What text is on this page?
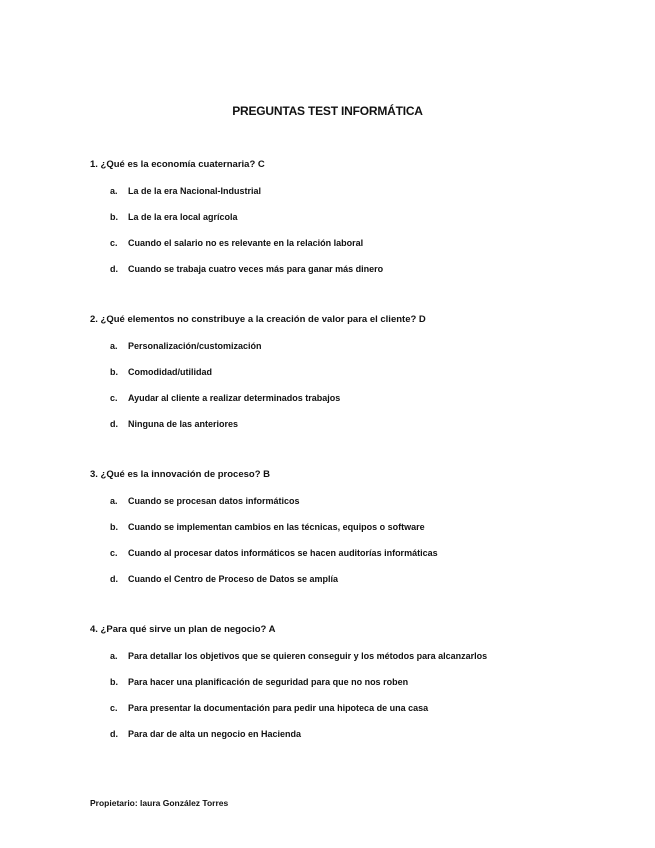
PREGUNTAS TEST INFORMÁTICA
1. ¿Qué es la economía cuaternaria? C
a. La de la era Nacional-Industrial
b. La de la era local agrícola
c. Cuando el salario no es relevante en la relación laboral
d. Cuando se trabaja cuatro veces más para ganar más dinero
2. ¿Qué elementos no constribuye a la creación de valor para el cliente? D
a. Personalización/customización
b. Comodidad/utilidad
c. Ayudar al cliente a realizar determinados trabajos
d. Ninguna de las anteriores
3. ¿Qué es la innovación de proceso? B
a. Cuando se procesan datos informáticos
b. Cuando se implementan cambios en las técnicas, equipos o software
c. Cuando al procesar datos informáticos se hacen auditorías informáticas
d. Cuando el Centro de Proceso de Datos se amplía
4. ¿Para qué sirve un plan de negocio? A
a. Para detallar los objetivos que se quieren conseguir y los métodos para alcanzarlos
b. Para hacer una planificación de seguridad para que no nos roben
c. Para presentar la documentación para pedir una hipoteca de una casa
d. Para dar de alta un negocio en Hacienda
Propietario: laura González Torres
